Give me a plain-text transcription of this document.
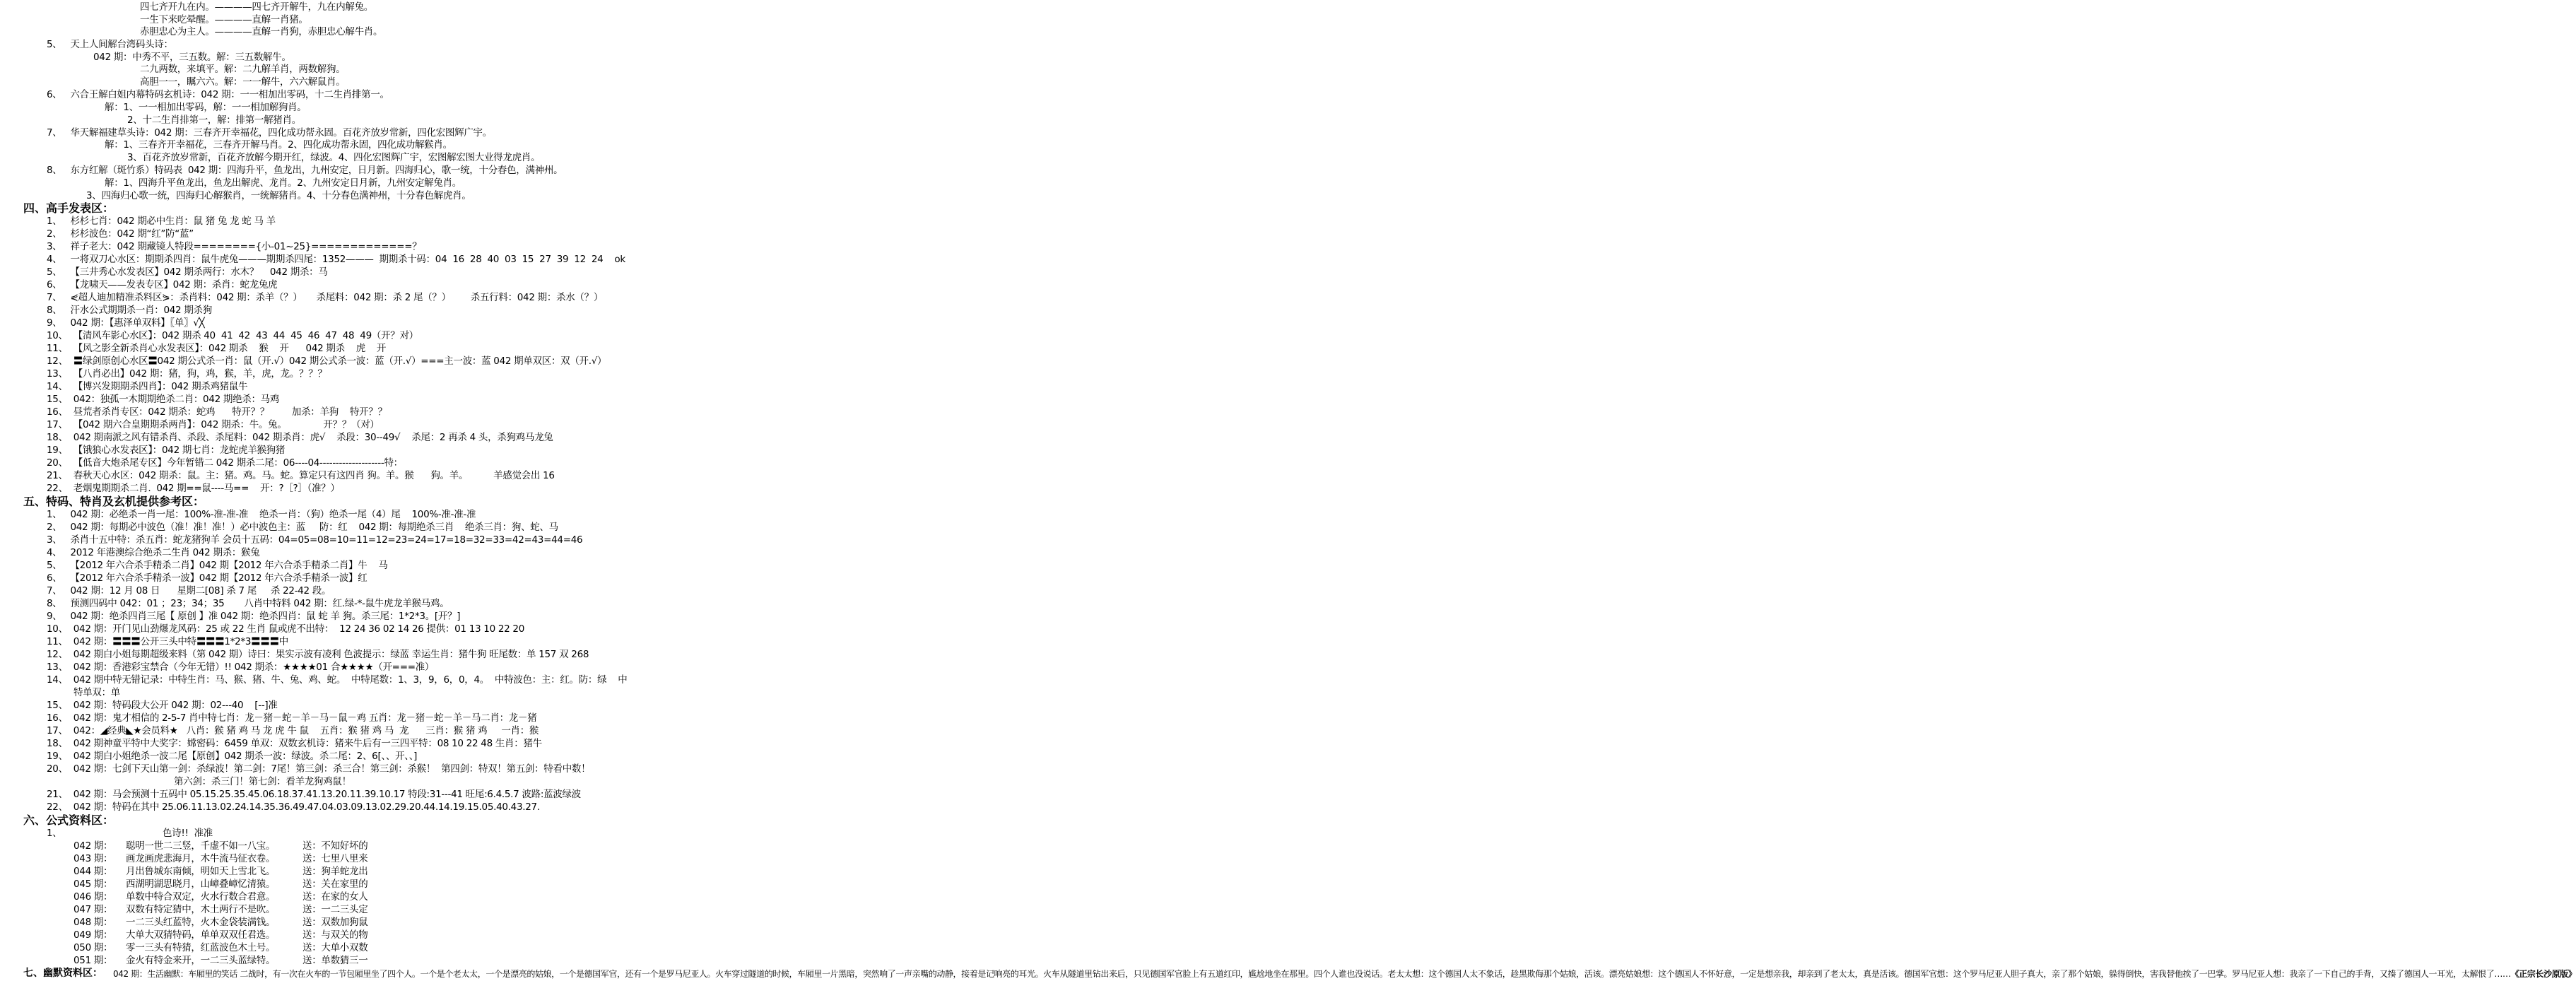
四七齐开九在内。————四七齐开解牛，九在内解兔。
一生下来吃晕醒。————直解一肖猪。
赤胆忠心为主人。————直解一肖狗，赤胆忠心解牛肖。
5、   天上人间解台湾码头诗：
042 期：中秀不平，三五数。解：三五数解牛。
二九两数，来填平。解：二九解羊肖，两数解狗。
高胆一一，瞩六六。解：一一解牛，六六解鼠肖。
6、   六合王解白姐内幕特码玄机诗：042 期：一一相加出零码，十二生肖排第一。
解：1、一一相加出零码，解：一一相加解狗肖。
2、十二生肖排第一，解：排第一解猪肖。
7、   华天解福建草头诗：042 期：三春齐开幸福花，四化成功帮永固。百花齐放岁常新，四化宏图辉广宇。
解：1、三春齐开幸福花，三春齐开解马肖。2、四化成功帮永固，四化成功解猴肖。
3、百花齐放岁常新，百花齐放解今期开红，绿波。4、四化宏图辉广宇，宏图解宏图大业得龙虎肖。
8、   东方红解（斑竹系）特码表  042 期：四海升平，鱼龙出，九州安定，日月新。四海归心，歌一统，十分春色，满神州。
解：1、四海升平鱼龙出，鱼龙出解虎、龙肖。2、九州安定日月新，九州安定解兔肖。
3、四海归心歌一统，四海归心解猴肖，一统解猪肖。4、十分春色满神州，十分春色解虎肖。
四、高手发表区：
1、   杉杉七肖：042 期必中生肖：鼠 猪 兔 龙 蛇 马 羊
2、   杉杉波色：042 期“红”防“蓝”
3、   祥子老大：042 期藏镜人特段========{小-01~25}=============？
4、   一将双刀心水区：期期杀四肖：鼠牛虎兔———期期杀四尾：1352———  期期杀十码：04  16  28  40  03  15  27  39  12  24    ok
5、   【三井秀心水发表区】042 期杀两行：水木？    042 期杀：马
6、   【龙啸天——发表专区】042 期：杀肖：蛇龙兔虎
7、   ⋞超人迪加精准杀料区⋟：杀肖料：042 期：杀羊（？）     杀尾料：042 期：杀 2 尾（？）       杀五行料：042 期：杀水（？）
8、   汗水公式期期杀一肖：042 期杀狗
9、   042 期：【惠泽单双料】〖单〗√╳
10、  【清风车影心水区】：042 期杀 40  41  42  43  44  45  46  47  48  49（开？对）
11、  【风之影全新杀肖心水发表区】：042 期杀    猴    开      042 期杀    虎    开
12、  〓绿剑原创心水区〓042 期公式杀一肖：鼠（开.√）042 期公式杀一波：蓝（开.√）===主一波：蓝 042 期单双区：双（开.√）
13、  【八肖必出】042 期：猪，狗，鸡，猴，羊，虎，龙。？？？
14、  【博兴发期期杀四肖】：042 期杀鸡猪鼠牛
15、  042：独孤一木期期绝杀二肖：042 期绝杀：马鸡
16、  昼荒者杀肖专区：042 期杀：蛇鸡      特开？？        加杀：羊狗    特开？？
17、  【042 期六合皇期期杀两肖】：042 期杀：牛。兔。             开？？（对）
18、  042 期南派之风有错杀肖、杀段、杀尾料：042 期杀肖：虎√    杀段：30--49√    杀尾：2 再杀 4 头，杀狗鸡马龙兔
19、  【饿狼心水发表区】：042 期七肖：龙蛇虎羊猴狗猪
20、  【低音大炮杀尾专区】今年暂错二 042 期杀二尾：06----04--------------------特：
21、  春秋天心水区：042 期杀：鼠。主：猪。鸡。马。蛇。算定只有这四肖 狗。羊。猴      狗。羊。         羊感觉会出 16
22、  老烟鬼期期杀二肖.  042 期==鼠----马==    开：?［?］（准？）
五、特码、特肖及玄机提供参考区：
1、   042 期：必绝杀一肖一尾：100%-准-准-准    绝杀一肖：（狗）绝杀一尾（4）尾    100%-准-准-准
2、   042 期：每期必中波色（准！准！准！）必中波色主：蓝     防：红    042 期：每期绝杀三肖    绝杀三肖：狗、蛇、马
3、   杀肖十五中特：杀五肖：蛇龙猪狗羊 会员十五码：04=05=08=10=11=12=23=24=17=18=32=33=42=43=44=46
4、   2012 年港澳综合绝杀二生肖 042 期杀：猴兔
5、   【2012 年六合杀手精杀二肖】042 期【2012 年六合杀手精杀二肖】牛    马
6、   【2012 年六合杀手精杀一波】042 期【2012 年六合杀手精杀一波】红
7、   042 期：12 月 08 日      星期二[08] 杀 7 尾     杀 22-42 段。
8、   预测四码中 042：01 ；23；34；35       八肖中特料 042 期：红.绿-*-鼠牛虎龙羊猴马鸡。
9、   042 期：绝杀四肖三尾【 原创 】准 042 期：绝杀四肖：鼠 蛇 羊 狗。杀三尾：1*2*3。[开？]
10、  042 期：开门见山劲爆龙风码：25 或 22 生肖 鼠或虎不出特：  12 24 36 02 14 26 提供：01 13 10 22 20
11、  042 期：〓〓〓公开三头中特〓〓〓1*2*3〓〓〓中
12、  042 期白小姐每期超级来料（第 042 期）诗曰：果实示波有凌利 色波提示：绿蓝 幸运生肖：猪牛狗 旺尾数：单 157 双 268
13、  042 期：香港彩宝禁合（今年无错）!! 042 期杀：★★★★01 合★★★★（开===准）
14、  042 期中特无错记录：中特生肖：马、猴、猪、牛、兔、鸡、蛇。  中特尾数：1、3，9，6，0，4。  中特波色：主：红。防：绿    中
特单双：单
15、  042 期：特码段大公开 042 期：02---40    [--]准
16、  042 期：鬼才相信的 2-5-7 肖中特七肖：龙－猪－蛇－羊－马－鼠－鸡 五肖：龙－猪－蛇－羊－马二肖：龙－猪
17、  042：◢经典◣★会员料★   八肖：猴 猪 鸡 马 龙 虎 牛 鼠    五肖：猴 猪 鸡 马  龙      三肖：猴 猪 鸡     一肖：猴
18、  042 期神童平特中大奖字：嫦密码：6459 单双：双数玄机诗：猪来牛后有一三四平特：08 10 22 48 生肖：猪牛
19、  042 期白小姐绝杀一波二尾【原创】042 期杀一波：绿波。杀二尾：2、6[、、开、、]
20、  042 期：七剑下天山第一剑：杀绿波！第二剑：7尾！第三剑：杀三合！第三剑：杀猴！  第四剑：特双！第五剑：特看中数！
第六剑：杀三门！第七剑：看羊龙狗鸡鼠！
21、  042 期：马会预测十五码中 05.15.25.35.45.06.18.37.41.13.20.11.39.10.17 特段:31---41 旺尾:6.4.5.7 波路:蓝波绿波
22、  042 期：特码在其中 25.06.11.13.02.24.14.35.36.49.47.04.03.09.13.02.29.20.44.14.19.15.05.40.43.27.
六、公式资料区：
1、	色诗!!  准准
042 期： 聪明一世二三竖，千虚不如一八宝。	送：不知好坏的
043 期： 画龙画虎悲海月，木牛流马征衣卷。	送：七里八里来
044 期： 月出鲁城东南倾，明如天上雪北飞。	送：狗羊蛇龙出
045 期： 西湖明湖思晓月，山嶂叠嶂忆清猿。	送：关在家里的
046 期： 单数中特合双定，火水行数合君意。	送：在家的女人
047 期： 双数有特定猜中，木土两行不是吹。	送：一二三头定
048 期： 一二三头红蓝特，火木金袋装满钱。	送：双数加狗鼠
049 期： 大单大双猜特码，单单双双任君选。	送：与双关的物
050 期： 零一三头有特猜，红蓝波色木土号。	送：大单小双数
051 期： 金火有特金来开，一二三头蓝绿特。	送：单数猜三一
七、幽默资料区： 042 期：生活幽默：车厢里的笑话 二战时，有一次在火车的一节包厢里坐了四个人。一个是个老太太，一个是漂亮的姑娘，一个是德国军官，还有一个是罗马尼亚人。火车穿过隧道的时候，车厢里一片黑暗，突然响了一声亲嘴的动静，接着是记响亮的耳光。火车从隧道里钻出来后，只见德国军官脸上有五道红印，尴尬地坐在那里。四个人谁也没说话。老太太想：这个德国人太不象话，趁黑欺侮那个姑娘，活该。漂亮姑娘想：这个德国人不怀好意，一定是想亲我，却亲到了老太太，真是活该。德国军官想：这个罗马尼亚人胆子真大，亲了那个姑娘，躲得倒快，害我替他挨了一巴掌。罗马尼亚人想：我亲了一下自己的手背，又揍了德国人一耳光，太解恨了……《正宗长沙原版》
